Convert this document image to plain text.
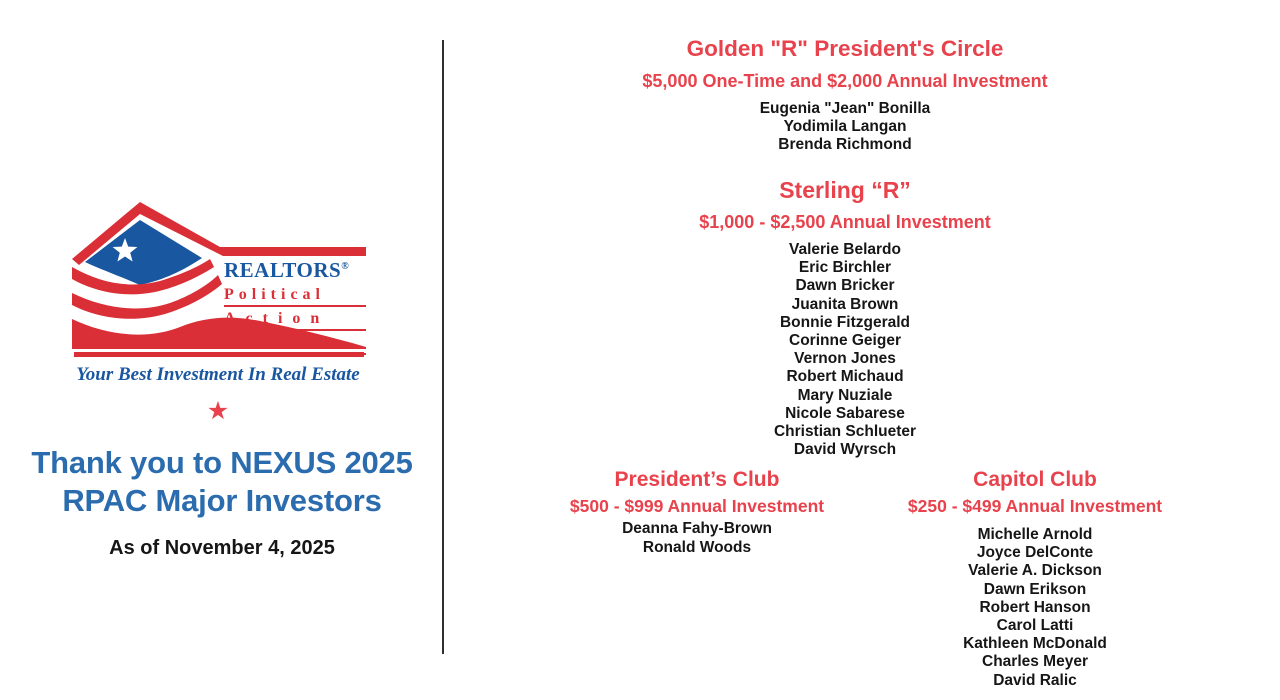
REALTORS®
Political
Action
Committee
Your Best Investment In Real Estate
★
Thank you to NEXUS 2025
RPAC Major Investors
As of November 4, 2025
Golden "R" President's Circle
$5,000 One-Time and $2,000 Annual Investment
Eugenia "Jean" Bonilla
Yodimila Langan
Brenda Richmond
Sterling “R”
$1,000 - $2,500 Annual Investment
Valerie Belardo
Eric Birchler
Dawn Bricker
Juanita Brown
Bonnie Fitzgerald
Corinne Geiger
Vernon Jones
Robert Michaud
Mary Nuziale
Nicole Sabarese
Christian Schlueter
David Wyrsch
President’s Club
$500 - $999 Annual Investment
Deanna Fahy-Brown
Ronald Woods
Capitol Club
$250 - $499 Annual Investment
Michelle Arnold
Joyce DelConte
Valerie A. Dickson
Dawn Erikson
Robert Hanson
Carol Latti
Kathleen McDonald
Charles Meyer
David Ralic
